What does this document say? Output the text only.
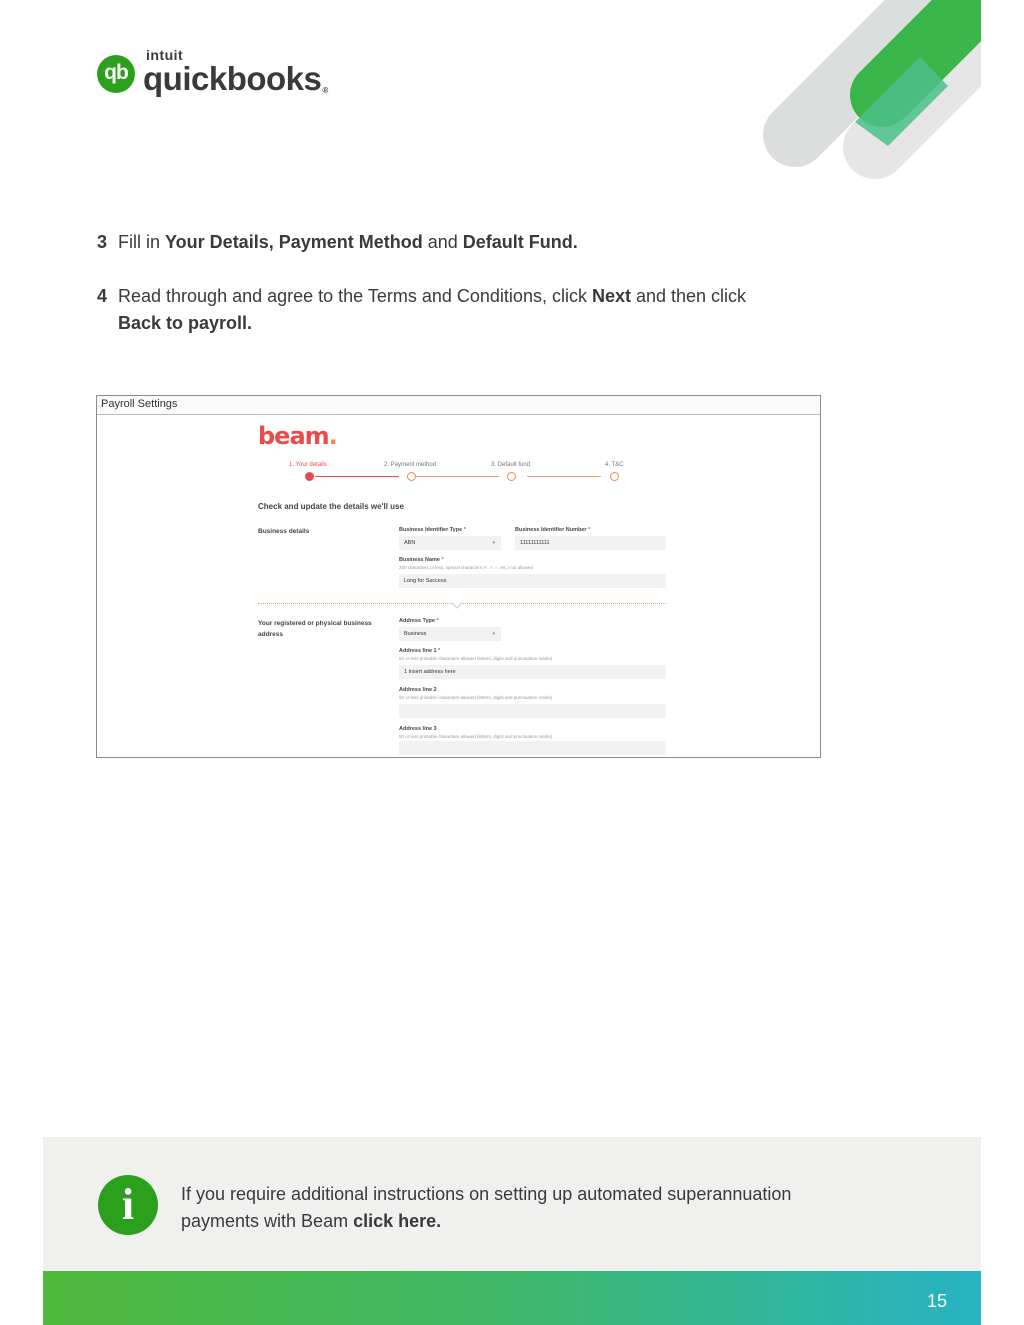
qb
intuit
quickbooks®
3 Fill in Your Details, Payment Method and Default Fund.
4 Read through and agree to the Terms and Conditions, click Next and then click
Back to payroll.
Payroll Settings
beam.
1. Your details	2. Payment method	3. Default fund	4. T&C
Check and update the details we'll use
Business details	Business Identifier Type *
ABN	▾
Business Identifier Number *
11111111111
Business Name *
200 characters or less, special characters (<, >, =, etc.) not allowed
Long for Success
Your registered or physical business address
Address Type *
Business	▾
Address line 1 *
50 or less printable characters allowed (letters, digits and punctuation marks)
1 insert address here
Address line 2
50 or less printable characters allowed (letters, digits and punctuation marks)
Address line 3
50 or less printable characters allowed (letters, digits and punctuation marks)
i	If you require additional instructions on setting up automated superannuation payments with Beam click here.
15
